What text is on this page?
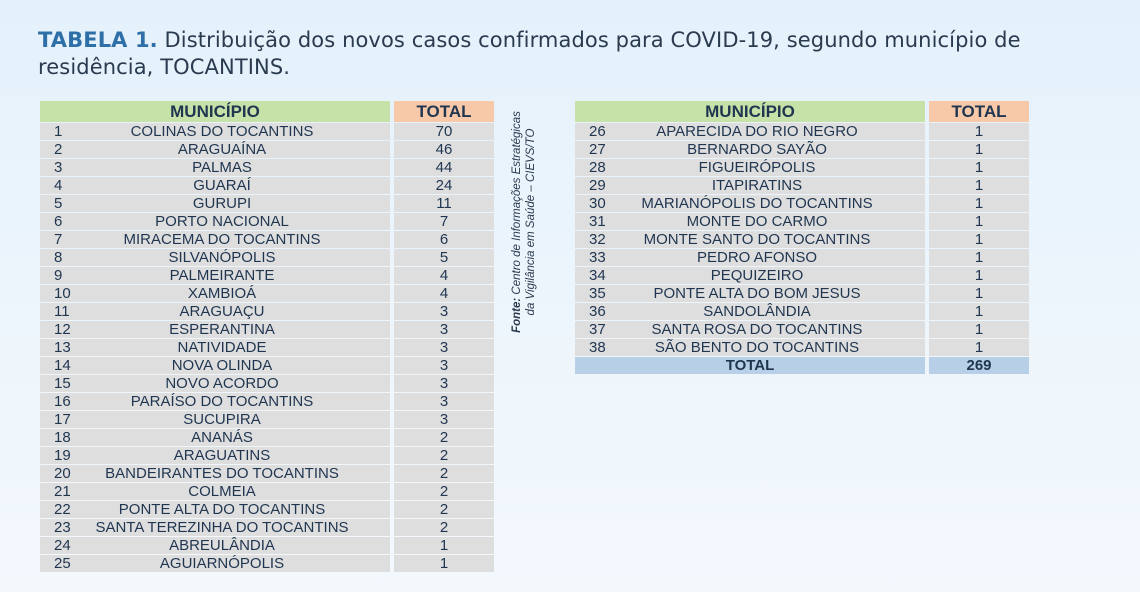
TABELA 1. Distribuição dos novos casos confirmados para COVID-19, segundo município de residência, TOCANTINS.
MUNICÍPIO		TOTAL

1 COLINAS DO TOCANTINS		70

2 ARAGUAÍNA		46

3 PALMAS		44

4 GUARAÍ		24

5 GURUPI		11

6 PORTO NACIONAL		7

7 MIRACEMA DO TOCANTINS		6

8 SILVANÓPOLIS		5

9 PALMEIRANTE		4

10 XAMBIOÁ		4

11 ARAGUAÇU		3

12 ESPERANTINA		3

13 NATIVIDADE		3

14 NOVA OLINDA		3

15 NOVO ACORDO		3

16 PARAÍSO DO TOCANTINS		3

17 SUCUPIRA		3

18 ANANÁS		2

19 ARAGUATINS		2

20 BANDEIRANTES DO TOCANTINS		2

21 COLMEIA		2

22 PONTE ALTA DO TOCANTINS		2

23 SANTA TEREZINHA DO TOCANTINS		2

24 ABREULÂNDIA		1

25 AGUIARNÓPOLIS		1
Fonte: Centro de Informações Estratégicas da Vigilância em Saúde – CIEVS/TO
MUNICÍPIO		TOTAL

26 APARECIDA DO RIO NEGRO		1

27 BERNARDO SAYÃO		1

28 FIGUEIRÓPOLIS		1

29 ITAPIRATINS		1

30 MARIANÓPOLIS DO TOCANTINS		1

31 MONTE DO CARMO		1

32 MONTE SANTO DO TOCANTINS		1

33 PEDRO AFONSO		1

34 PEQUIZEIRO		1

35 PONTE ALTA DO BOM JESUS		1

36 SANDOLÂNDIA		1

37 SANTA ROSA DO TOCANTINS		1

38 SÃO BENTO DO TOCANTINS		1
TOTAL		269
